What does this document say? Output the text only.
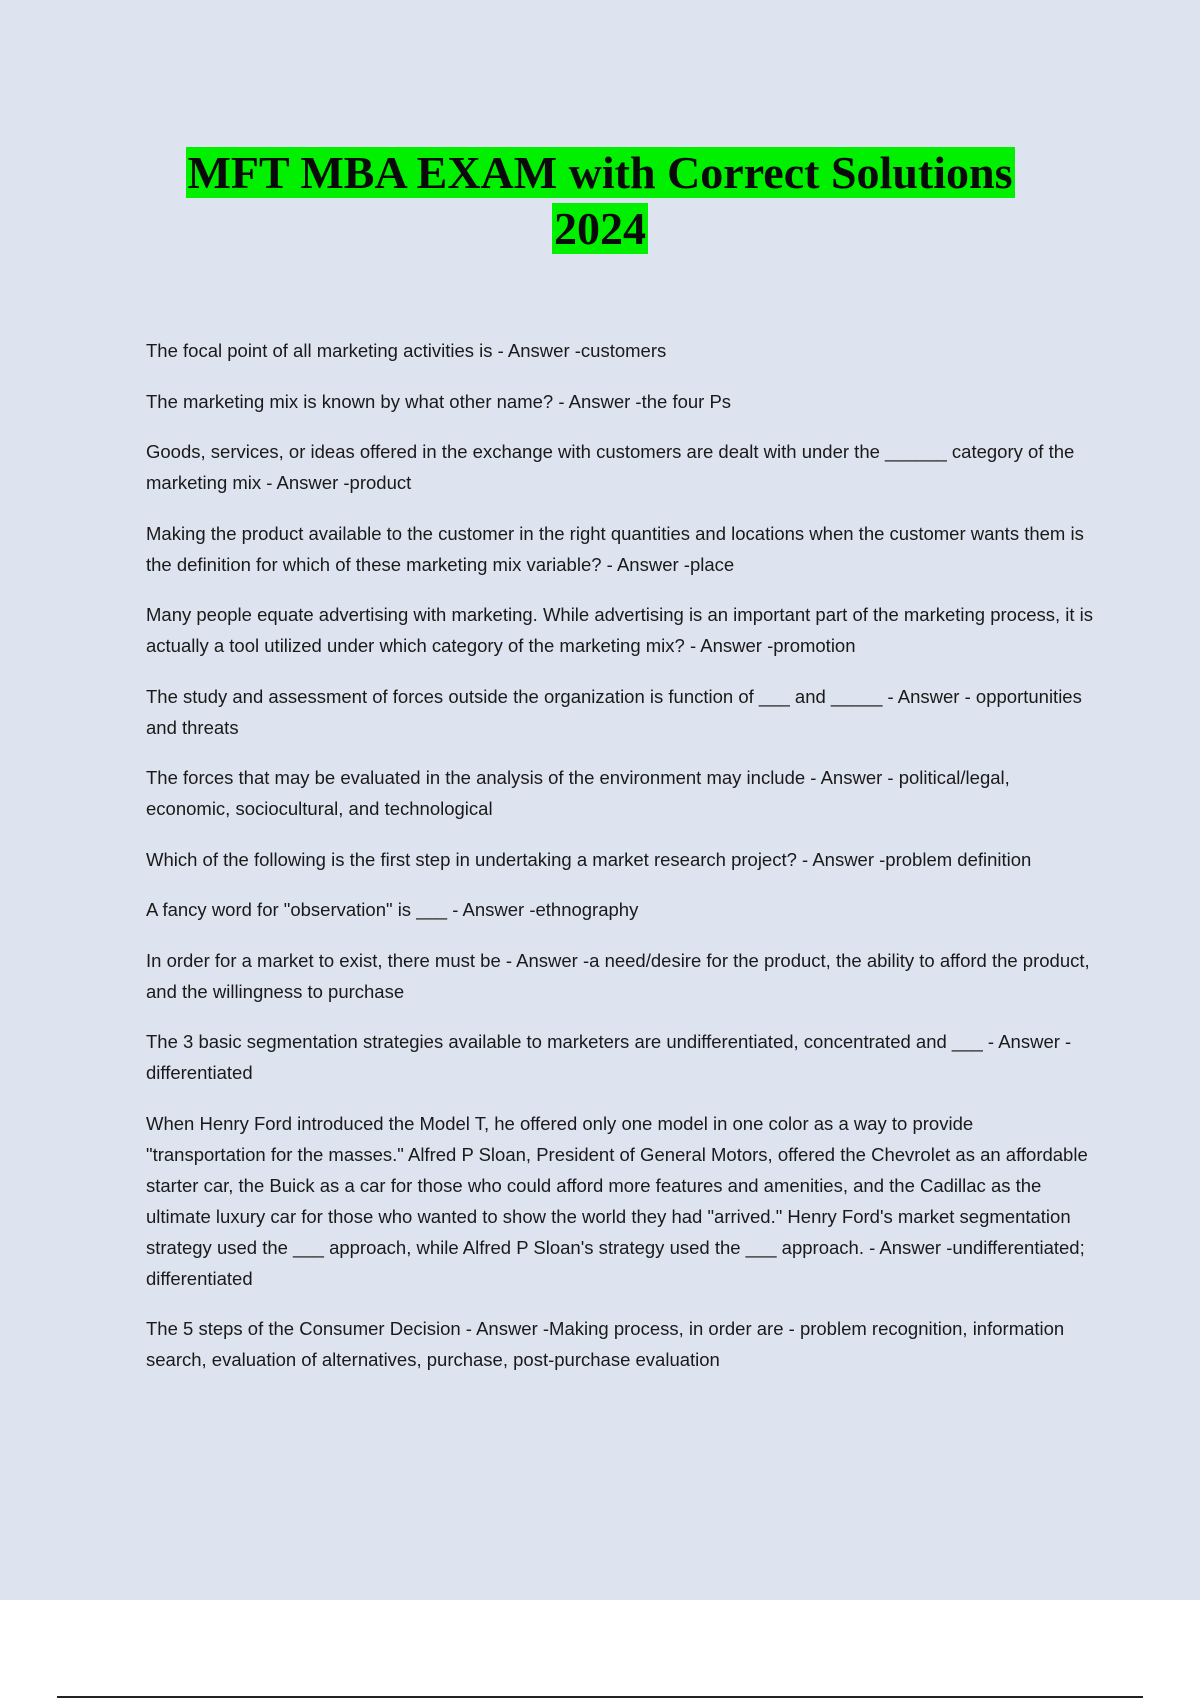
MFT MBA EXAM with Correct Solutions
2024
The focal point of all marketing activities is - Answer -customers
The marketing mix is known by what other name? - Answer -the four Ps
Goods, services, or ideas offered in the exchange with customers are dealt with under the ______ category of the marketing mix - Answer -product
Making the product available to the customer in the right quantities and locations when the customer wants them is the definition for which of these marketing mix variable? - Answer -place
Many people equate advertising with marketing. While advertising is an important part of the marketing process, it is actually a tool utilized under which category of the marketing mix? - Answer -promotion
The study and assessment of forces outside the organization is function of ___ and _____ - Answer - opportunities and threats
The forces that may be evaluated in the analysis of the environment may include - Answer - political/legal, economic, sociocultural, and technological
Which of the following is the first step in undertaking a market research project? - Answer -problem definition
A fancy word for "observation" is ___ - Answer -ethnography
In order for a market to exist, there must be - Answer -a need/desire for the product, the ability to afford the product, and the willingness to purchase
The 3 basic segmentation strategies available to marketers are undifferentiated, concentrated and ___ - Answer -differentiated
When Henry Ford introduced the Model T, he offered only one model in one color as a way to provide "transportation for the masses." Alfred P Sloan, President of General Motors, offered the Chevrolet as an affordable starter car, the Buick as a car for those who could afford more features and amenities, and the Cadillac as the ultimate luxury car for those who wanted to show the world they had "arrived." Henry Ford's market segmentation strategy used the ___ approach, while Alfred P Sloan's strategy used the ___ approach. - Answer -undifferentiated; differentiated
The 5 steps of the Consumer Decision - Answer -Making process, in order are - problem recognition, information search, evaluation of alternatives, purchase, post-purchase evaluation
